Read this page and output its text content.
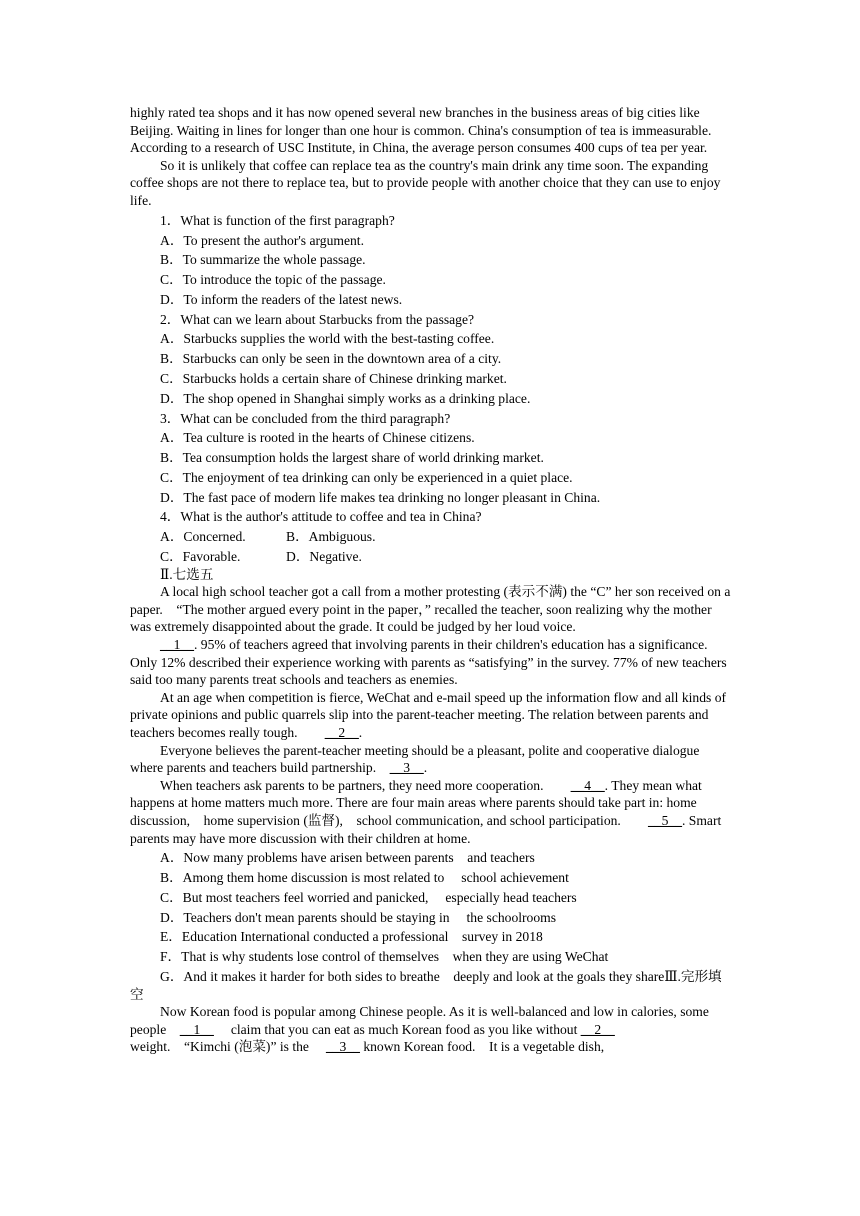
highly rated tea shops and it has now opened several new branches in the business areas of big cities like Beijing. Waiting in lines for longer than one hour is common. China's consumption of tea is immeasurable. According to a research of USC Institute, in China, the average person consumes 400 cups of tea per year.

So it is unlikely that coffee can replace tea as the country's main drink any time soon. The expanding coffee shops are not there to replace tea, but to provide people with another choice that they can use to enjoy life.

1．What is function of the first paragraph?

A．To present the author's argument.

B．To summarize the whole passage.

C．To introduce the topic of the passage.

D．To inform the readers of the latest news.

2．What can we learn about Starbucks from the passage?

A．Starbucks supplies the world with the best-tasting coffee.

B．Starbucks can only be seen in the downtown area of a city.

C．Starbucks holds a certain share of Chinese drinking market.

D．The shop opened in Shanghai simply works as a drinking place.

3．What can be concluded from the third paragraph?

A．Tea culture is rooted in the hearts of Chinese citizens.

B．Tea consumption holds the largest share of world drinking market.

C．The enjoyment of tea drinking can only be experienced in a quiet place.

D．The fast pace of modern life makes tea drinking no longer pleasant in China.

4．What is the author's attitude to coffee and tea in China?

A．Concerned.	B．Ambiguous.
C．Favorable.	D．Negative.

Ⅱ.七选五

A local high school teacher got a call from a mother protesting (表示不满) the “C” her son received on a paper.　“The mother argued every point in the paper，” recalled the teacher, soon realizing why the mother was extremely disappointed about the grade. It could be judged by her loud voice.

__1__. 95% of teachers agreed that involving parents in their children's education has a significance. Only 12% described their experience working with parents as “satisfying” in the survey. 77% of new teachers said too many parents treat schools and teachers as enemies.

At an age when competition is fierce, WeChat and e-mail speed up the information flow and all kinds of private opinions and public quarrels slip into the parent-teacher meeting. The relation between parents and teachers becomes really tough.　　__2__.

Everyone believes the parent-teacher meeting should be a pleasant, polite and cooperative dialogue where parents and teachers build partnership.　__3__.

When teachers ask parents to be partners, they need more cooperation.　　__4__. They mean what happens at home matters much more. There are four main areas where parents should take part in: home discussion,　home supervision (监督),　school communication, and school participation.　　__5__. Smart parents may have more discussion with their children at home.

A．Now many problems have arisen between parents　and teachers

B．Among them home discussion is most related to　 school achievement

C．But most teachers feel worried and panicked,　 especially head teachers

D．Teachers don't mean parents should be staying in　 the schoolrooms

E．Education International conducted a professional　survey in 2018

F．That is why students lose control of themselves　when they are using WeChat

G．And it makes it harder for both sides to breathe　deeply and look at the goals they shareⅢ.完形填空

Now Korean food is popular among Chinese people. As it is well-balanced and low in calories, some people　__1__　 claim that you can eat as much Korean food as you like without __2__　 weight.　“Kimchi (泡菜)” is the　 __3__ known Korean food.　It is a vegetable dish,
